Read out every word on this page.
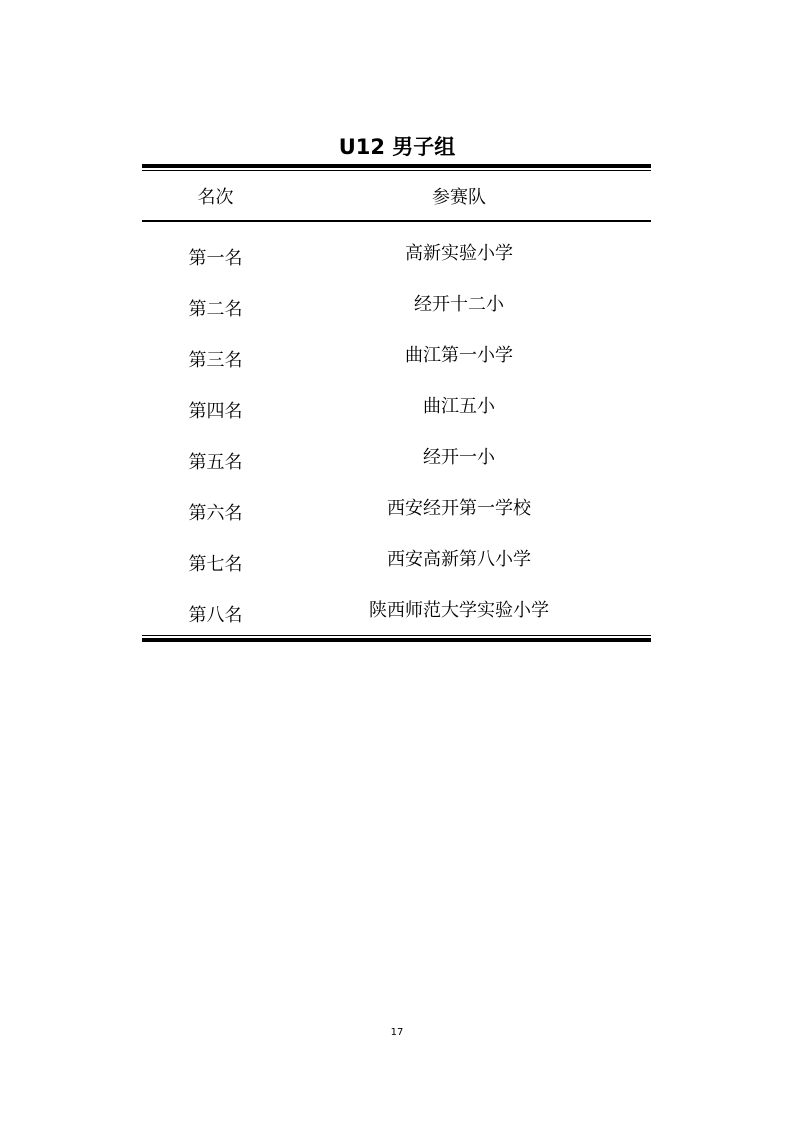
U12 男子组
名次	参赛队
第一名	高新实验小学
第二名	经开十二小
第三名	曲江第一小学
第四名	曲江五小
第五名	经开一小
第六名	西安经开第一学校
第七名	西安高新第八小学
第八名	陕西师范大学实验小学
17
